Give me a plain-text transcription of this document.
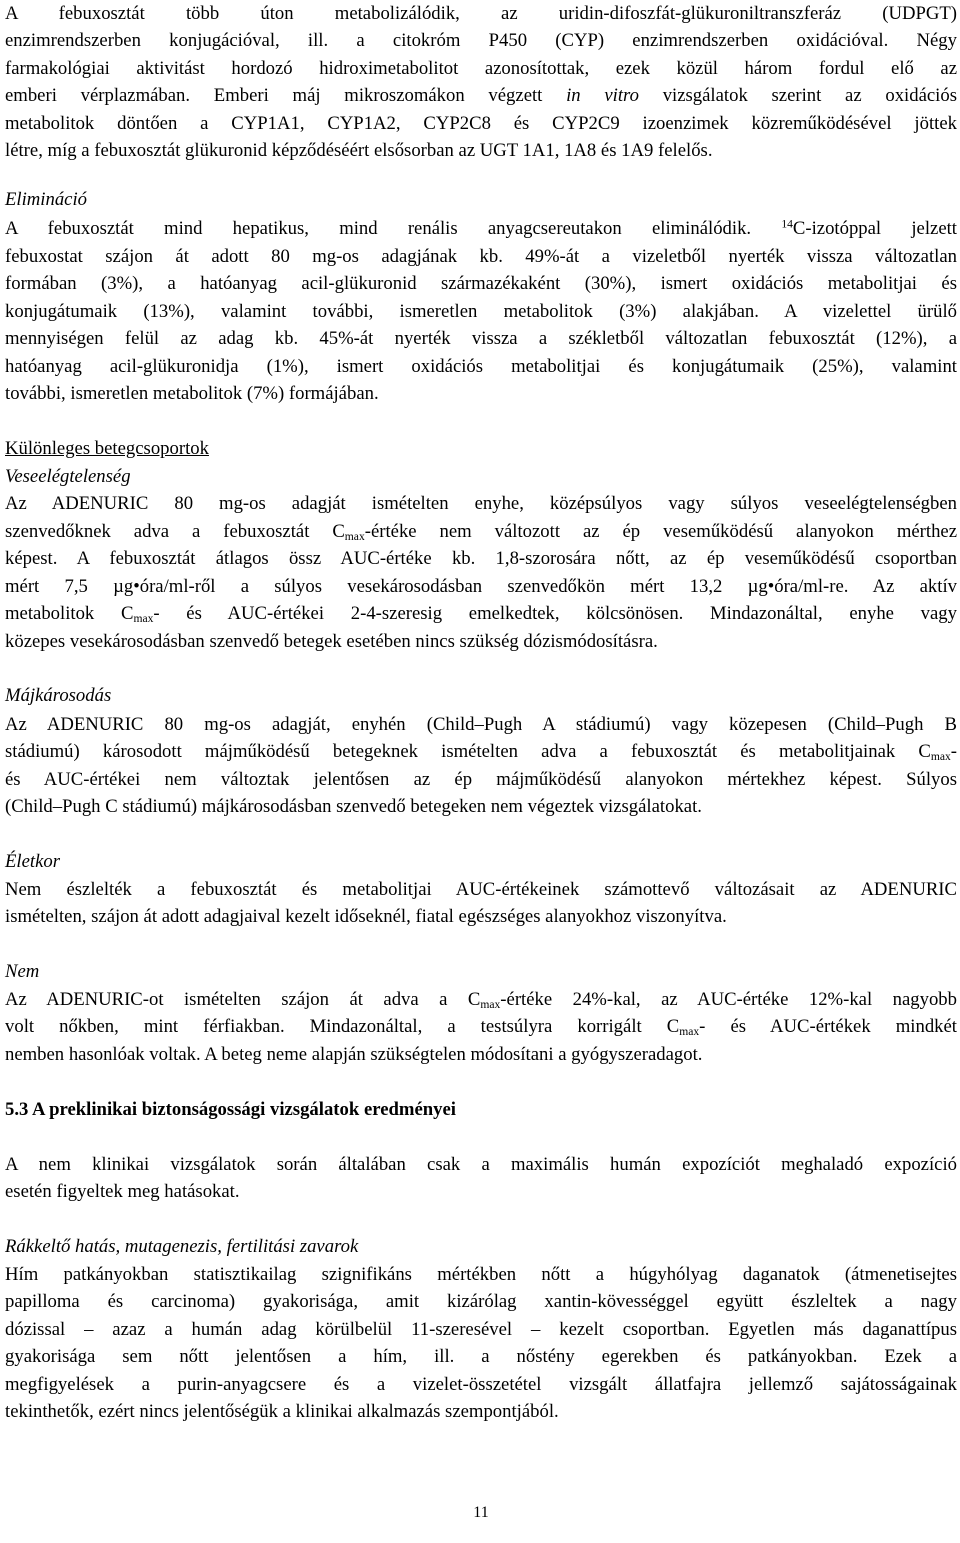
A febuxosztát több úton metabolizálódik, az uridin-difoszfát-glükuroniltranszferáz (UDPGT)
enzimrendszerben konjugációval, ill. a citokróm P450 (CYP) enzimrendszerben oxidációval. Négy
farmakológiai aktivitást hordozó hidroximetabolitot azonosítottak, ezek közül három fordul elő az
emberi vérplazmában. Emberi máj mikroszomákon végzett in vitro vizsgálatok szerint az oxidációs
metabolitok döntően a CYP1A1, CYP1A2, CYP2C8 és CYP2C9 izoenzimek közreműködésével jöttek
létre, míg a febuxosztát glükuronid képződéséért elsősorban az UGT 1A1, 1A8 és 1A9 felelős.
Elimináció
A febuxosztát mind hepatikus, mind renális anyagcsereutakon eliminálódik. $^{14}$C-izotóppal jelzett
febuxostat szájon át adott 80 mg-os adagjának kb. 49%-át a vizeletből nyerték vissza változatlan
formában (3%), a hatóanyag acil-glükuronid származékaként (30%), ismert oxidációs metabolitjai és
konjugátumaik (13%), valamint további, ismeretlen metabolitok (3%) alakjában. A vizelettel ürülő
mennyiségen felül az adag kb. 45%-át nyerték vissza a székletből változatlan febuxosztát (12%), a
hatóanyag acil-glükuronidja (1%), ismert oxidációs metabolitjai és konjugátumaik (25%), valamint
további, ismeretlen metabolitok (7%) formájában.
Különleges betegcsoportok
Veseelégtelenség
Az ADENURIC 80 mg-os adagját ismételten enyhe, középsúlyos vagy súlyos veseelégtelenségben
szenvedőknek adva a febuxosztát $C_{max}$-értéke nem változott az ép veseműködésű alanyokon mérthez
képest. A febuxosztát átlagos össz AUC-értéke kb. 1,8-szorosára nőtt, az ép veseműködésű csoportban
mért 7,5 µg•óra/ml-ről a súlyos vesekárosodásban szenvedőkön mért 13,2 µg•óra/ml-re. Az aktív
metabolitok $C_{max}-$ és AUC-értékei 2-4-szeresig emelkedtek, kölcsönösen. Mindazonáltal, enyhe vagy
közepes vesekárosodásban szenvedő betegek esetében nincs szükség dózismódosításra.
Májkárosodás
Az ADENURIC 80 mg-os adagját, enyhén (Child–Pugh A stádiumú) vagy közepesen (Child–Pugh B
stádiumú) károsodott májműködésű betegeknek ismételten adva a febuxosztát és metabolitjainak $C_{max}-$
és AUC-értékei nem változtak jelentősen az ép májműködésű alanyokon mértekhez képest. Súlyos
(Child–Pugh C stádiumú) májkárosodásban szenvedő betegeken nem végeztek vizsgálatokat.
Életkor
Nem észlelték a febuxosztát és metabolitjai AUC-értékeinek számottevő változásait az ADENURIC
ismételten, szájon át adott adagjaival kezelt időseknél, fiatal egészséges alanyokhoz viszonyítva.
Nem
Az ADENURIC-ot ismételten szájon át adva a $C_{max}$-értéke 24%-kal, az AUC-értéke 12%-kal nagyobb
volt nőkben, mint férfiakban. Mindazonáltal, a testsúlyra korrigált $C_{max}-$ és AUC-értékek mindkét
nemben hasonlóak voltak. A beteg neme alapján szükségtelen módosítani a gyógyszeradagot.
5.3 A preklinikai biztonságossági vizsgálatok eredményei
A nem klinikai vizsgálatok során általában csak a maximális humán expozíciót meghaladó expozíció
esetén figyeltek meg hatásokat.
Rákkeltő hatás, mutagenezis, fertilitási zavarok
Hím patkányokban statisztikailag szignifikáns mértékben nőtt a húgyhólyag daganatok (átmenetisejtes
papilloma és carcinoma) gyakorisága, amit kizárólag xantin-kövességgel együtt észleltek a nagy
dózissal – azaz a humán adag körülbelül 11-szeresével – kezelt csoportban. Egyetlen más daganattípus
gyakorisága sem nőtt jelentősen a hím, ill. a nőstény egerekben és patkányokban. Ezek a
megfigyelések a purin-anyagcsere és a vizelet-összetétel vizsgált állatfajra jellemző sajátosságainak
tekinthetők, ezért nincs jelentőségük a klinikai alkalmazás szempontjából.
11
